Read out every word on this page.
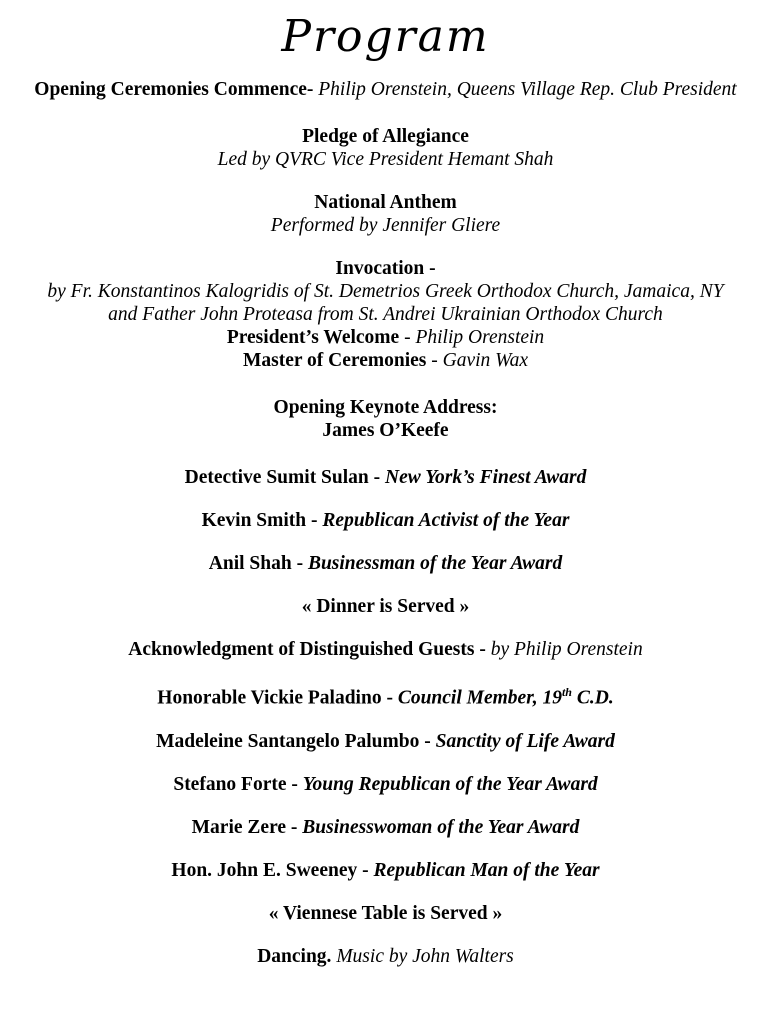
Program

Opening Ceremonies Commence- Philip Orenstein, Queens Village Rep. Club President

Pledge of Allegiance

Led by QVRC Vice President Hemant Shah

National Anthem

Performed by Jennifer Gliere

Invocation -

by Fr. Konstantinos Kalogridis of St. Demetrios Greek Orthodox Church, Jamaica, NY

and Father John Proteasa from St. Andrei Ukrainian Orthodox Church

President’s Welcome - Philip Orenstein

Master of Ceremonies - Gavin Wax

Opening Keynote Address:

James O’Keefe

Detective Sumit Sulan - New York’s Finest Award

Kevin Smith - Republican Activist of the Year

Anil Shah - Businessman of the Year Award

« Dinner is Served »

Acknowledgment of Distinguished Guests - by Philip Orenstein

Honorable Vickie Paladino - Council Member, 19th C.D.

Madeleine Santangelo Palumbo - Sanctity of Life Award

Stefano Forte - Young Republican of the Year Award

Marie Zere - Businesswoman of the Year Award

Hon. John E. Sweeney - Republican Man of the Year

« Viennese Table is Served »

Dancing. Music by John Walters
